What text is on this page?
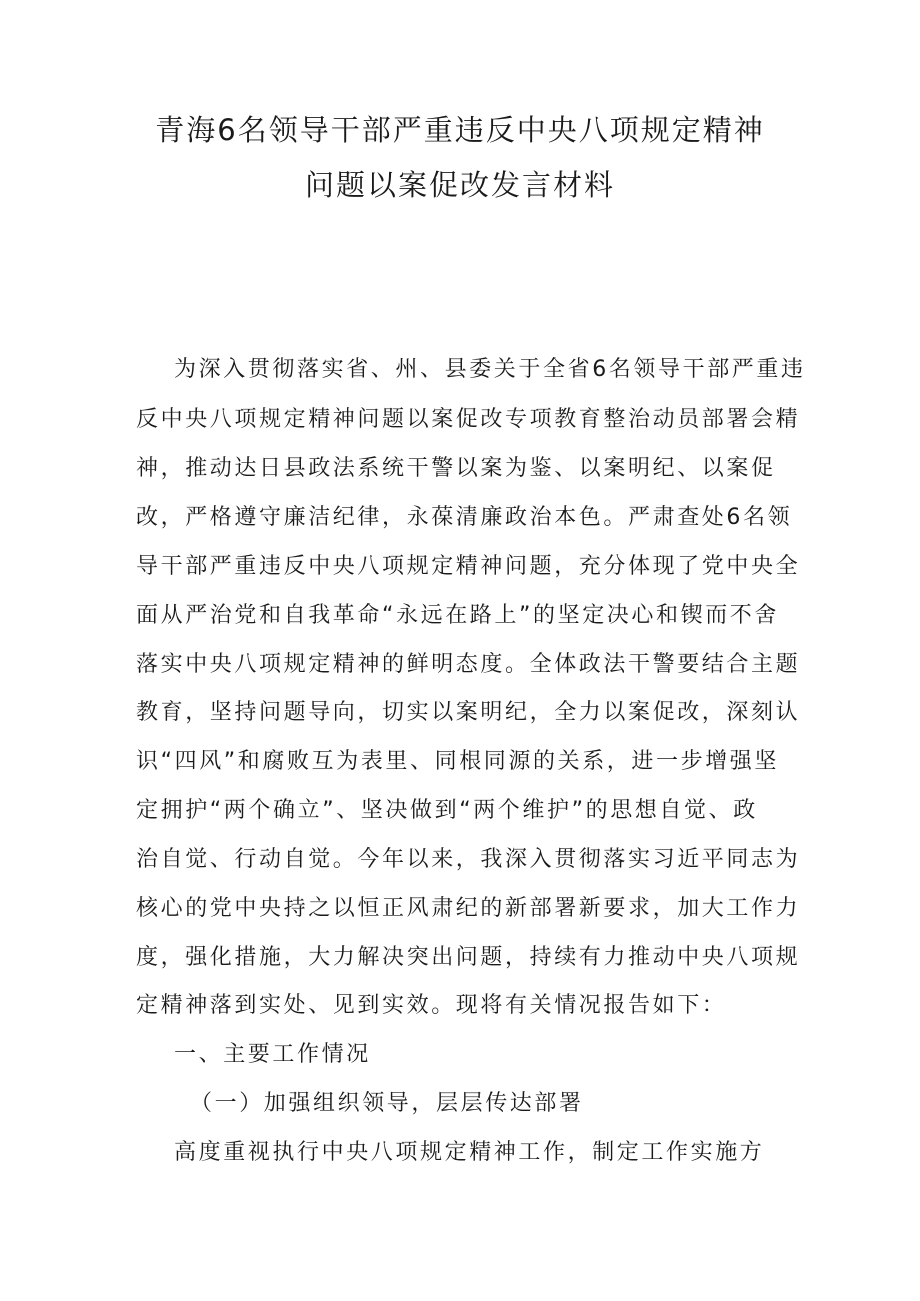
青海6名领导干部严重违反中央八项规定精神
问题以案促改发言材料

为深入贯彻落实省、州、县委关于全省6名领导干部严重违

反中央八项规定精神问题以案促改专项教育整治动员部署会精

神，推动达日县政法系统干警以案为鉴、以案明纪、以案促

改，严格遵守廉洁纪律，永葆清廉政治本色。严肃查处6名领

导干部严重违反中央八项规定精神问题，充分体现了党中央全

面从严治党和自我革命“永远在路上”的坚定决心和锲而不舍

落实中央八项规定精神的鲜明态度。全体政法干警要结合主题

教育，坚持问题导向，切实以案明纪，全力以案促改，深刻认

识“四风”和腐败互为表里、同根同源的关系，进一步增强坚

定拥护“两个确立”、坚决做到“两个维护”的思想自觉、政

治自觉、行动自觉。今年以来，我深入贯彻落实习近平同志为

核心的党中央持之以恒正风肃纪的新部署新要求，加大工作力

度，强化措施，大力解决突出问题，持续有力推动中央八项规

定精神落到实处、见到实效。现将有关情况报告如下：

一、主要工作情况

（一）加强组织领导，层层传达部署

高度重视执行中央八项规定精神工作，制定工作实施方
